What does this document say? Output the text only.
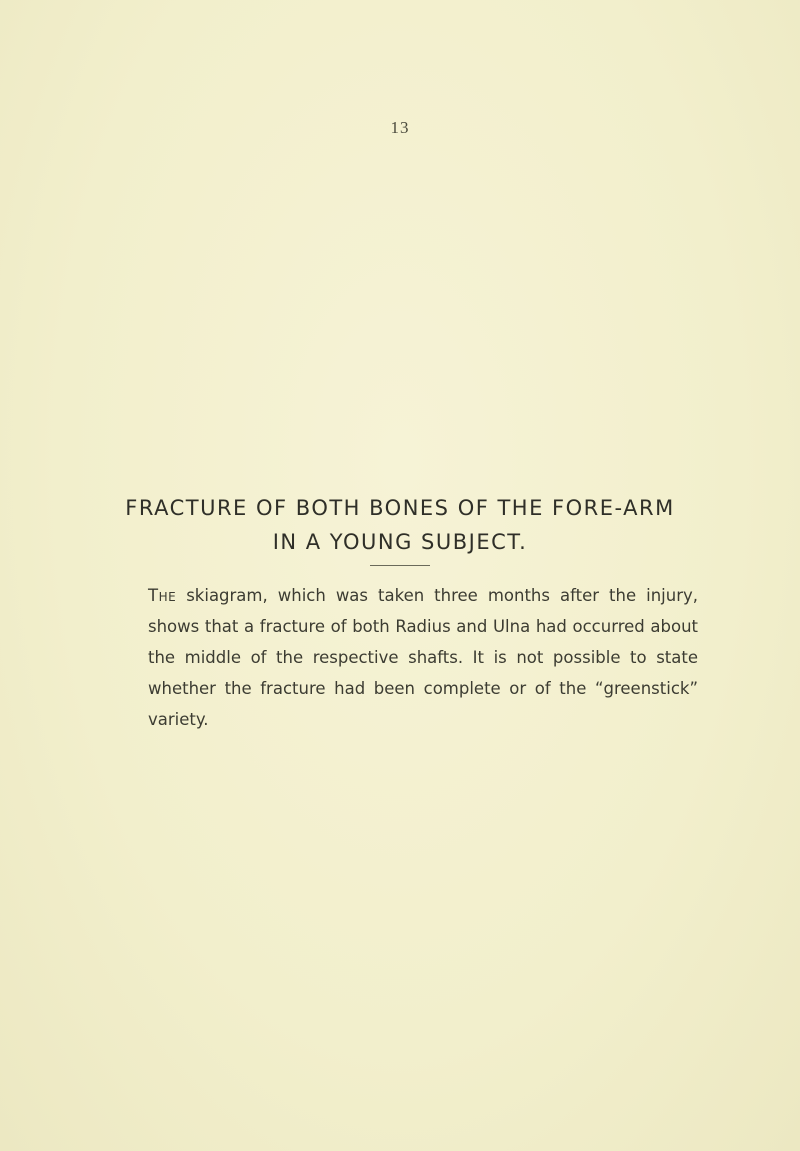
13
FRACTURE OF BOTH BONES OF THE FORE-ARM
IN A YOUNG SUBJECT.

The skiagram, which was taken three months after the injury, shows that a fracture of both Radius and Ulna had occurred about the middle of the respective shafts. It is not possible to state whether the fracture had been complete or of the “greenstick” variety.
